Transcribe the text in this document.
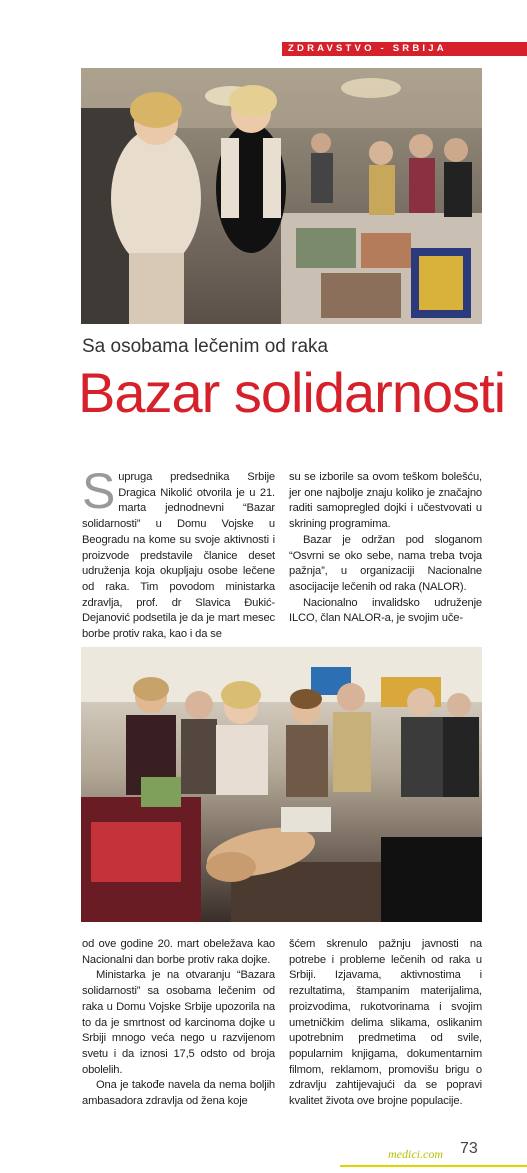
ZDRAVSTVO - SRBIJA
Sa osobama lečenim od raka
Bazar solidarnosti

Supruga predsednika Srbije Dragica Nikolić otvorila je u 21. marta jednodnevni “Bazar solidarnosti” u Domu Vojske u Beogradu na kome su svoje aktivnosti i proizvode predstavile članice deset udruženja koja okupljaju osobe lečene od raka. Tim povodom ministarka zdravlja, prof. dr Slavica Đukić-Dejanović podsetila je da je mart mesec borbe protiv raka, kao i da se

su se izborile sa ovom teškom bolešću, jer one najbolje znaju koliko je značajno raditi samopregled dojki i učestvovati u skrining programima.

Bazar je održan pod sloganom “Osvrni se oko sebe, nama treba tvoja pažnja”, u organizaciji Nacionalne asocijacije lečenih od raka (NALOR).

Nacionalno invalidsko udruženje ILCO, član NALOR-a, je svojim uče-

od ove godine 20. mart obeležava kao Nacionalni dan borbe protiv raka dojke.

Ministarka je na otvaranju “Bazara solidarnosti” sa osobama lečenim od raka u Domu Vojske Srbije upozorila na to da je smrtnost od karcinoma dojke u Srbiji mnogo veća nego u razvijenom svetu i da iznosi 17,5 odsto od broja obolelih.

Ona je takođe navela da nema boljih ambasadora zdravlja od žena koje

šćem skrenulo pažnju javnosti na potrebe i probleme lečenih od raka u Srbiji. Izjavama, aktivnostima i rezultatima, štampanim materijalima, proizvodima, rukotvorinama i svojim umetničkim delima slikama, oslikanim upotrebnim predmetima od svile, popularnim knjigama, dokumentarnim filmom, reklamom, promovišu brigu o zdravlju zahtijevajući da se popravi kvalitet života ove brojne populacije.

medici.com 73
